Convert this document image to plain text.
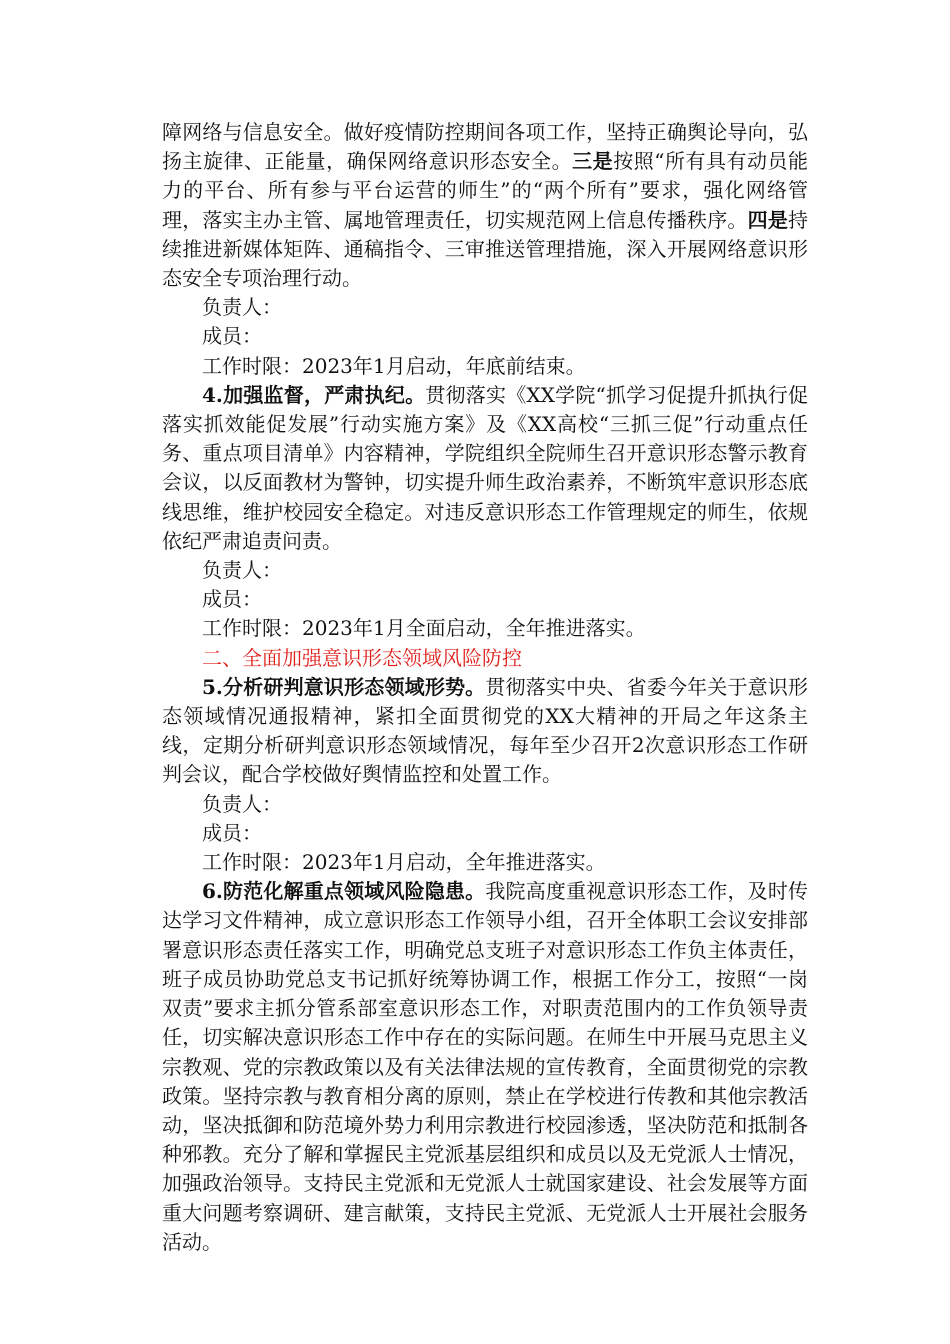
障网络与信息安全。做好疫情防控期间各项工作，坚持正确舆论导向，弘扬主旋律、正能量，确保网络意识形态安全。三是按照“所有具有动员能力的平台、所有参与平台运营的师生”的“两个所有”要求，强化网络管理，落实主办主管、属地管理责任，切实规范网上信息传播秩序。四是持续推进新媒体矩阵、通稿指令、三审推送管理措施，深入开展网络意识形态安全专项治理行动。

负责人：

成员：

工作时限：2023年1月启动，年底前结束。

4.加强监督，严肃执纪。贯彻落实《XX学院“抓学习促提升抓执行促落实抓效能促发展”行动实施方案》及《XX高校“三抓三促”行动重点任务、重点项目清单》内容精神，学院组织全院师生召开意识形态警示教育会议，以反面教材为警钟，切实提升师生政治素养，不断筑牢意识形态底线思维，维护校园安全稳定。对违反意识形态工作管理规定的师生，依规依纪严肃追责问责。

负责人：

成员：

工作时限：2023年1月全面启动，全年推进落实。

二、全面加强意识形态领域风险防控

5.分析研判意识形态领域形势。贯彻落实中央、省委今年关于意识形态领域情况通报精神，紧扣全面贯彻党的XX大精神的开局之年这条主线，定期分析研判意识形态领域情况，每年至少召开2次意识形态工作研判会议，配合学校做好舆情监控和处置工作。

负责人：

成员：

工作时限：2023年1月启动，全年推进落实。

6.防范化解重点领域风险隐患。我院高度重视意识形态工作，及时传达学习文件精神，成立意识形态工作领导小组，召开全体职工会议安排部署意识形态责任落实工作，明确党总支班子对意识形态工作负主体责任，班子成员协助党总支书记抓好统筹协调工作，根据工作分工，按照“一岗双责”要求主抓分管系部室意识形态工作，对职责范围内的工作负领导责任，切实解决意识形态工作中存在的实际问题。在师生中开展马克思主义宗教观、党的宗教政策以及有关法律法规的宣传教育，全面贯彻党的宗教政策。坚持宗教与教育相分离的原则，禁止在学校进行传教和其他宗教活动，坚决抵御和防范境外势力利用宗教进行校园渗透，坚决防范和抵制各种邪教。充分了解和掌握民主党派基层组织和成员以及无党派人士情况，加强政治领导。支持民主党派和无党派人士就国家建设、社会发展等方面重大问题考察调研、建言献策，支持民主党派、无党派人士开展社会服务活动。
